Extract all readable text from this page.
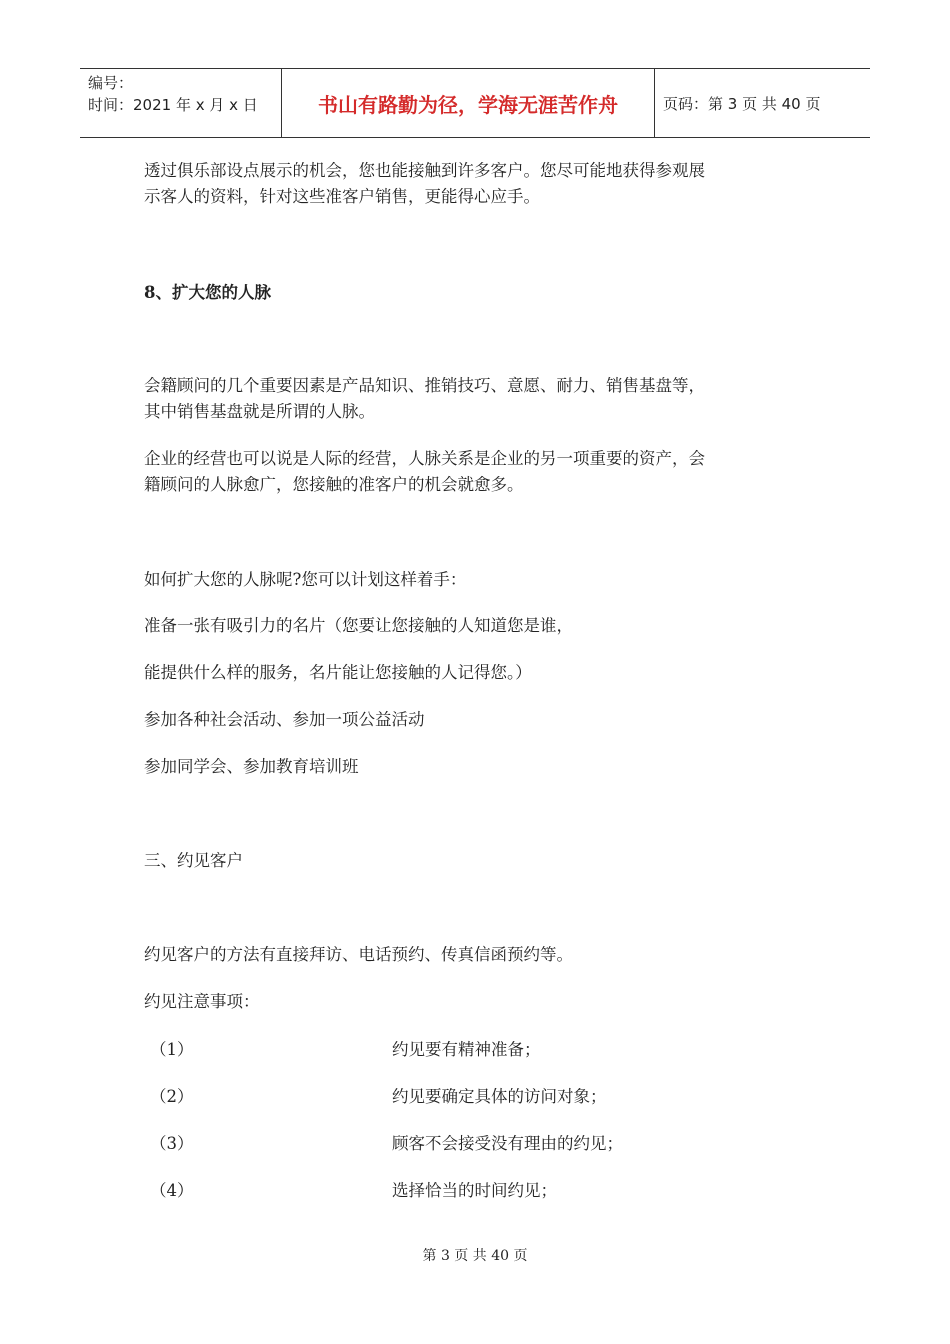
编号：
时间：2021 年 x 月 x 日	书山有路勤为径，学海无涯苦作舟	页码：第 3 页 共 40 页

透过俱乐部设点展示的机会，您也能接触到许多客户。您尽可能地获得参观展

示客人的资料，针对这些准客户销售，更能得心应手。

8、扩大您的人脉

会籍顾问的几个重要因素是产品知识、推销技巧、意愿、耐力、销售基盘等，

其中销售基盘就是所谓的人脉。

企业的经营也可以说是人际的经营，人脉关系是企业的另一项重要的资产，会

籍顾问的人脉愈广，您接触的准客户的机会就愈多。

如何扩大您的人脉呢?您可以计划这样着手：

准备一张有吸引力的名片（您要让您接触的人知道您是谁，

能提供什么样的服务，名片能让您接触的人记得您。）

参加各种社会活动、参加一项公益活动

参加同学会、参加教育培训班

三、约见客户

约见客户的方法有直接拜访、电话预约、传真信函预约等。

约见注意事项：

（1）	约见要有精神准备；
（2）	约见要确定具体的访问对象；
（3）	顾客不会接受没有理由的约见；
（4）	选择恰当的时间约见；
第 3 页 共 40 页
